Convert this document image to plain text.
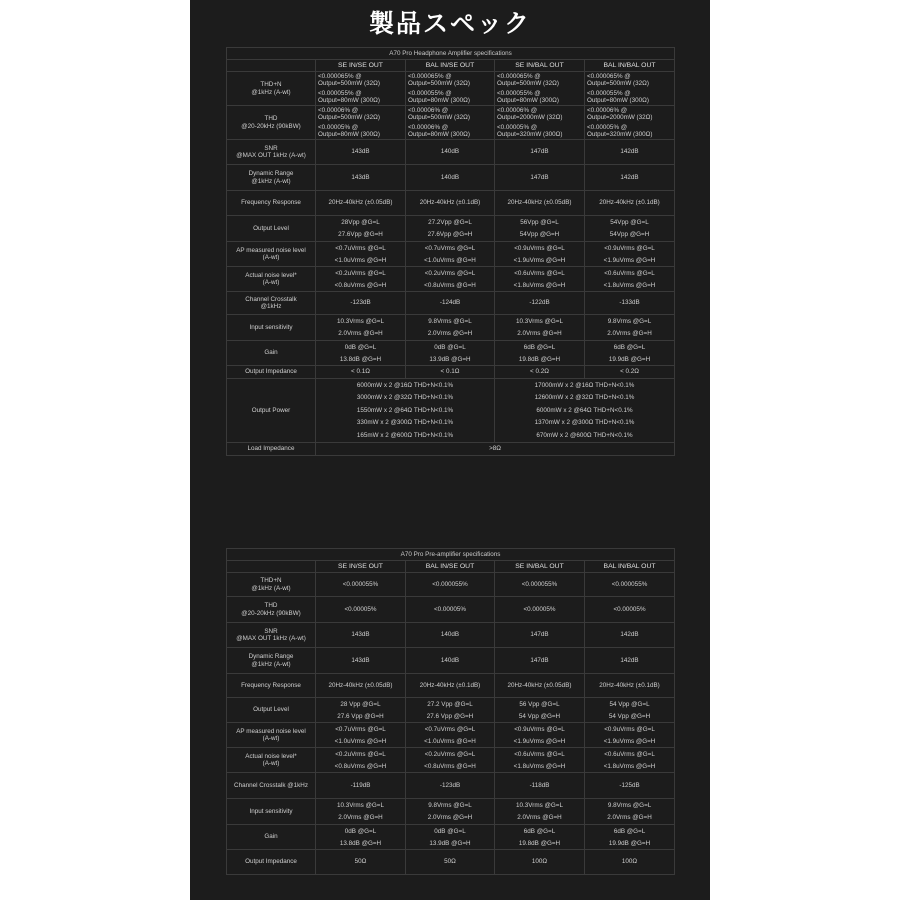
製品スペック
A70 Pro Headphone Amplifier specifications				
	SE IN/SE OUT	BAL IN/SE OUT	SE IN/BAL OUT	BAL IN/BAL OUT
THD+N
@1kHz (A-wt)	<0.000065% @
Output=500mW (32Ω)
<0.000055% @
Output=80mW (300Ω)	<0.000065% @
Output=500mW (32Ω)
<0.000055% @
Output=80mW (300Ω)	<0.000065% @
Output=500mW (32Ω)
<0.000055% @
Output=80mW (300Ω)	<0.000065% @
Output=500mW (32Ω)
<0.000055% @
Output=80mW (300Ω)

THD
@20-20kHz (90kBW)	<0.00006% @
Output=500mW (32Ω)
<0.00005% @
Output=80mW (300Ω)	<0.00006% @
Output=500mW (32Ω)
<0.00006% @
Output=80mW (300Ω)	<0.00006% @
Output=2000mW (32Ω)
<0.00005% @
Output=320mW (300Ω)	<0.00006% @
Output=2000mW (32Ω)
<0.00005% @
Output=320mW (300Ω)

SNR
@MAX OUT 1kHz (A-wt)	143dB	140dB	147dB	142dB
Dynamic Range
@1kHz (A-wt)	143dB	140dB	147dB	142dB
Frequency Response	20Hz-40kHz (±0.05dB)	20Hz-40kHz (±0.1dB)	20Hz-40kHz (±0.05dB)	20Hz-40kHz (±0.1dB)
Output Level	28Vpp @G=L
27.6Vpp @G=H	27.2Vpp @G=L
27.6Vpp @G=H	56Vpp @G=L
54Vpp @G=H	54Vpp @G=L
54Vpp @G=H

AP measured noise level
(A-wt)	<0.7uVrms @G=L
<1.0uVrms @G=H	<0.7uVrms @G=L
<1.0uVrms @G=H	<0.9uVrms @G=L
<1.9uVrms @G=H	<0.9uVrms @G=L
<1.9uVrms @G=H

Actual noise level*
(A-wt)	<0.2uVrms @G=L
<0.8uVrms @G=H	<0.2uVrms @G=L
<0.8uVrms @G=H	<0.6uVrms @G=L
<1.8uVrms @G=H	<0.6uVrms @G=L
<1.8uVrms @G=H

Channel Crosstalk
@1kHz	-123dB	-124dB	-122dB	-133dB
Input sensitivity	10.3Vrms @G=L
2.0Vrms @G=H	9.8Vrms @G=L
2.0Vrms @G=H	10.3Vrms @G=L
2.0Vrms @G=H	9.8Vrms @G=L
2.0Vrms @G=H

Gain	0dB @G=L
13.8dB @G=H	0dB @G=L
13.9dB @G=H	6dB @G=L
19.8dB @G=H	6dB @G=L
19.9dB @G=H

Output Impedance	< 0.1Ω	< 0.1Ω	< 0.2Ω	< 0.2Ω
Output Power	6000mW x 2 @16Ω THD+N<0.1%
3000mW x 2 @32Ω THD+N<0.1%
1550mW x 2 @64Ω THD+N<0.1%
330mW x 2 @300Ω THD+N<0.1%
165mW x 2 @600Ω THD+N<0.1%		17000mW x 2 @16Ω THD+N<0.1%
12600mW x 2 @32Ω THD+N<0.1%
6000mW x 2 @64Ω THD+N<0.1%
1370mW x 2 @300Ω THD+N<0.1%
670mW x 2 @600Ω THD+N<0.1%	

Load Impedance	>8Ω			
A70 Pro Pre-amplifier specifications				
	SE IN/SE OUT	BAL IN/SE OUT	SE IN/BAL OUT	BAL IN/BAL OUT
THD+N
@1kHz (A-wt)	<0.000055%	<0.000055%	<0.000055%	<0.000055%
THD
@20-20kHz (90kBW)	<0.00005%	<0.00005%	<0.00005%	<0.00005%
SNR
@MAX OUT 1kHz (A-wt)	143dB	140dB	147dB	142dB
Dynamic Range
@1kHz (A-wt)	143dB	140dB	147dB	142dB
Frequency Response	20Hz-40kHz (±0.05dB)	20Hz-40kHz (±0.1dB)	20Hz-40kHz (±0.05dB)	20Hz-40kHz (±0.1dB)
Output Level	28 Vpp @G=L
27.6 Vpp @G=H	27.2 Vpp @G=L
27.6 Vpp @G=H	56 Vpp @G=L
54 Vpp @G=H	54 Vpp @G=L
54 Vpp @G=H

AP measured noise level
(A-wt)	<0.7uVrms @G=L
<1.0uVrms @G=H	<0.7uVrms @G=L
<1.0uVrms @G=H	<0.9uVrms @G=L
<1.9uVrms @G=H	<0.9uVrms @G=L
<1.9uVrms @G=H

Actual noise level*
(A-wt)	<0.2uVrms @G=L
<0.8uVrms @G=H	<0.2uVrms @G=L
<0.8uVrms @G=H	<0.6uVrms @G=L
<1.8uVrms @G=H	<0.6uVrms @G=L
<1.8uVrms @G=H

Channel Crosstalk @1kHz	-119dB	-123dB	-118dB	-125dB
Input sensitivity	10.3Vrms @G=L
2.0Vrms @G=H	9.8Vrms @G=L
2.0Vrms @G=H	10.3Vrms @G=L
2.0Vrms @G=H	9.8Vrms @G=L
2.0Vrms @G=H

Gain	0dB @G=L
13.8dB @G=H	0dB @G=L
13.9dB @G=H	6dB @G=L
19.8dB @G=H	6dB @G=L
19.9dB @G=H

Output Impedance	50Ω	50Ω	100Ω	100Ω
